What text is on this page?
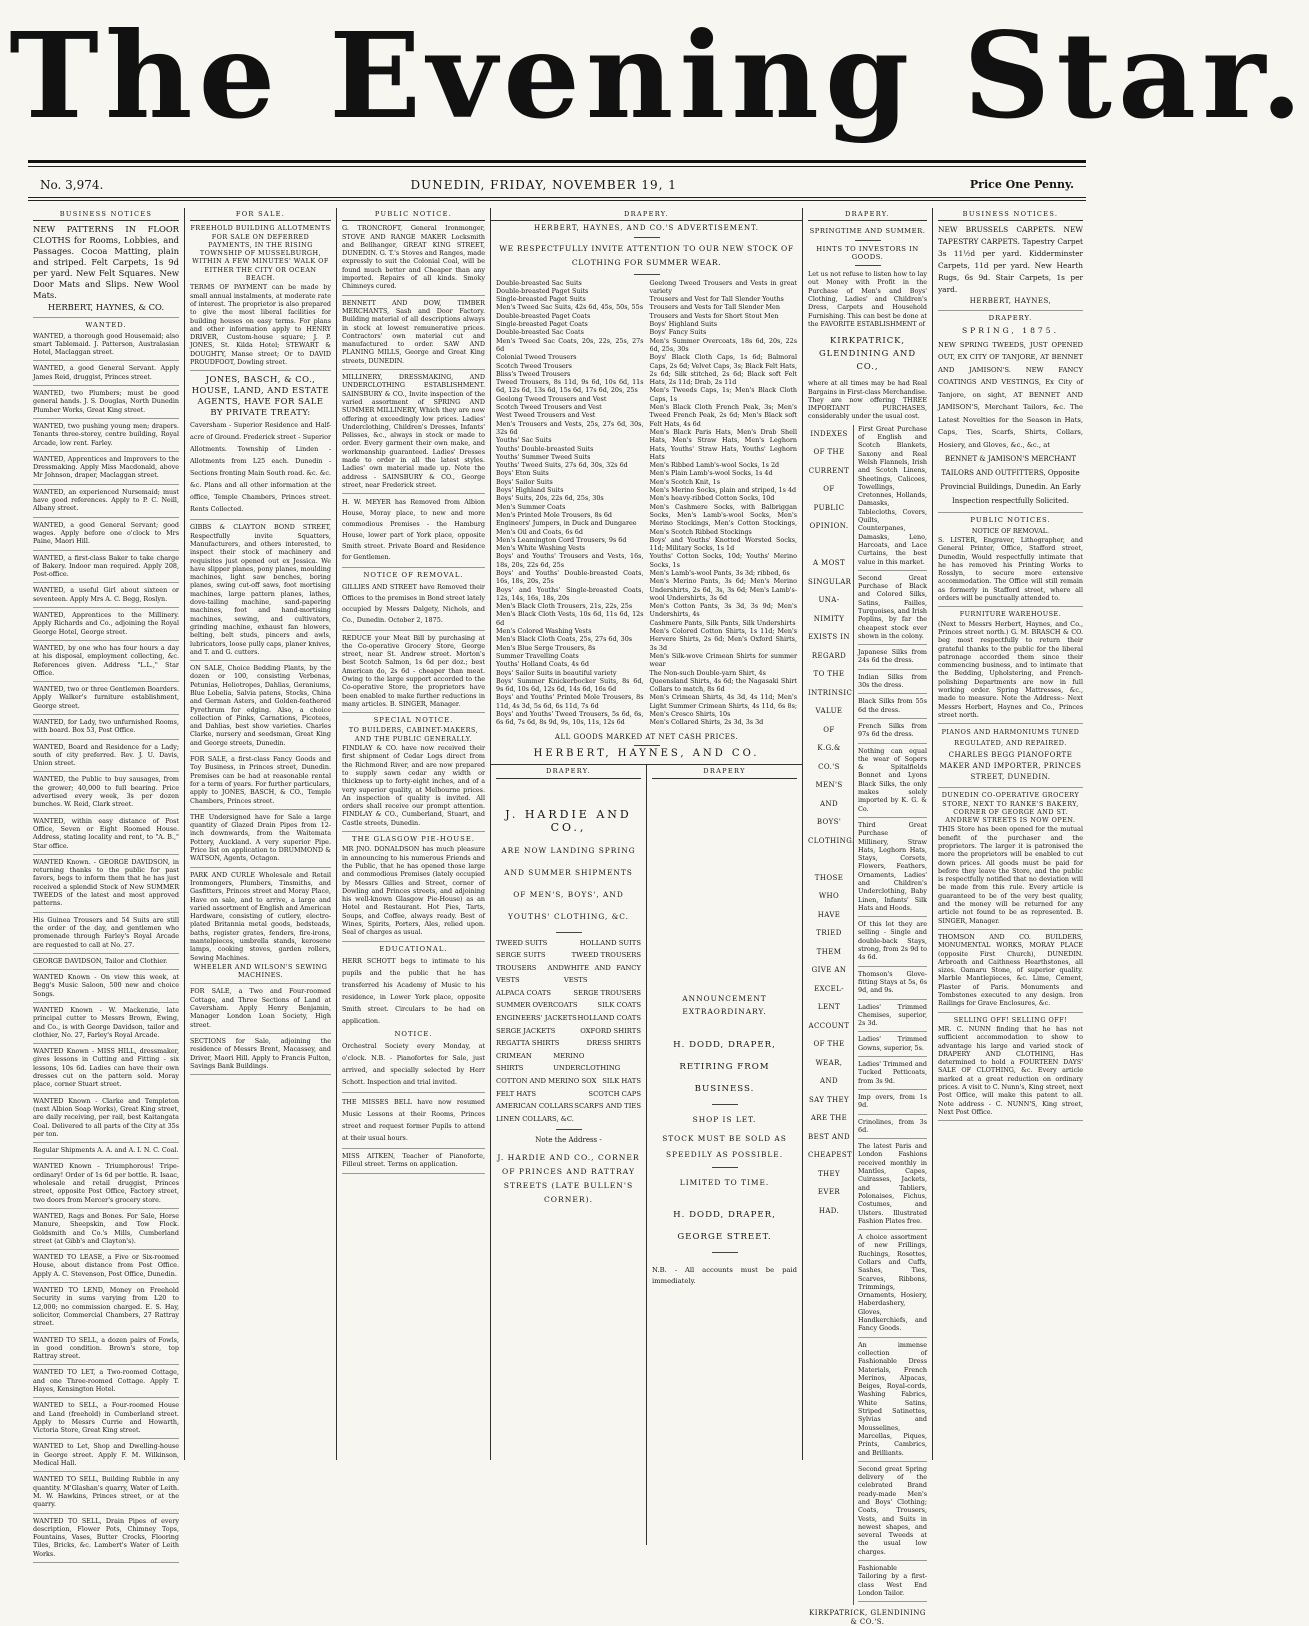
The Evening Star.
No. 3,974.	DUNEDIN, FRIDAY, NOVEMBER 19, 1	Price One Penny.
BUSINESS NOTICES

NEW PATTERNS IN FLOOR CLOTHS for Rooms, Lobbies, and Passages. Cocoa Matting, plain and striped. Felt Carpets, 1s 9d per yard. New Felt Squares. New Door Mats and Slips. New Wool Mats.

HERBERT, HAYNES, & CO.

WANTED.

WANTED, a thorough good Housemaid; also smart Tablemaid. J. Patterson, Australasian Hotel, Maclaggan street.

WANTED, a good General Servant. Apply James Reid, druggist, Princes street.

WANTED, two Plumbers; must be good general hands. J. S. Douglas, North Dunedin Plumber Works, Great King street.

WANTED, two pushing young men; drapers. Tenants three-storey, centre building, Royal Arcade, low rent. Farley.

WANTED, Apprentices and Improvers to the Dressmaking. Apply Miss Macdonald, above Mr Johnson, draper, Maclaggan street.

WANTED, an experienced Nursemaid; must have good references. Apply to P. C. Neill, Albany street.

WANTED, a good General Servant; good wages. Apply before one o'clock to Mrs Paine, Maori Hill.

WANTED, a first-class Baker to take charge of Bakery. Indoor man required. Apply 208, Post-office.

WANTED, a useful Girl about sixteen or seventeen. Apply Mrs A. C. Begg, Roslyn.

WANTED, Apprentices to the Millinery. Apply Richards and Co., adjoining the Royal George Hotel, George street.

WANTED, by one who has four hours a day at his disposal, employment collecting, &c. References given. Address "L.L.," Star Office.

WANTED, two or three Gentlemen Boarders. Apply Walker's furniture establishment, George street.

WANTED, for Lady, two unfurnished Rooms, with board. Box 53, Post Office.

WANTED, Board and Residence for a Lady; south of city preferred. Rev. J. U. Davis, Union street.

WANTED, the Public to buy sausages, from the grower; 40,000 to full bearing. Price advertised every week, 3s per dozen bunches. W. Reid, Clark street.

WANTED, within easy distance of Post Office, Seven or Eight Roomed House. Address, stating locality and rent, to "A. B.," Star office.

WANTED Known. - GEORGE DAVIDSON, in returning thanks to the public for past favors, begs to inform them that he has just received a splendid Stock of New SUMMER TWEEDS of the latest and most approved patterns.

His Guinea Trousers and 54 Suits are still the order of the day, and gentlemen who promenade through Farley's Royal Arcade are requested to call at No. 27.

GEORGE DAVIDSON, Tailor and Clothier.

WANTED Known - On view this week, at Begg's Music Saloon, 500 new and choice Songs.

WANTED Known - W. Mackenzie, late principal cutter to Messrs Brown, Ewing, and Co., is with George Davidson, tailor and clothier, No. 27, Farley's Royal Arcade.

WANTED Known - MISS HILL, dressmaker, gives lessons in Cutting and Fitting - six lessons, 10s 6d. Ladies can have their own dresses cut on the pattern sold. Moray place, corner Stuart street.

WANTED Known - Clarke and Templeton (next Albion Soap Works), Great King street, are daily receiving, per rail, best Kaitangata Coal. Delivered to all parts of the City at 35s per ton.

Regular Shipments A. A. and A. I. N. C. Coal.

WANTED Known - Triumphorous! Tripe-ordinary! Order of 1s 6d per bottle. R. Isaac, wholesale and retail druggist, Princes street, opposite Post Office, Factory street, two doors from Mercer's grocery store.

WANTED, Rags and Bones. For Sale, Horse Manure, Sheepskin, and Tow Flock. Goldsmith and Co.'s Mills, Cumberland street (at Gibb's and Clayton's).

WANTED TO LEASE, a Five or Six-roomed House, about distance from Post Office. Apply A. C. Stevenson, Post Office, Dunedin.

WANTED TO LEND, Money on Freehold Security in sums varying from L20 to L2,000; no commission charged. E. S. Hay, solicitor, Commercial Chambers, 27 Rattray street.

WANTED TO SELL, a dozen pairs of Fowls, in good condition. Brown's store, top Rattray street.

WANTED TO LET, a Two-roomed Cottage, and one Three-roomed Cottage. Apply T. Hayes, Kensington Hotel.

WANTED to SELL, a Four-roomed House and Land (freehold) in Cumberland street. Apply to Messrs Currie and Howarth, Victoria Store, Great King street.

WANTED to Let, Shop and Dwelling-house in George street. Apply F. M. Wilkinson, Medical Hall.

WANTED TO SELL, Building Rubble in any quantity. M'Glashan's quarry, Water of Leith. M. W. Hawkins, Princes street, or at the quarry.

WANTED TO SELL, Drain Pipes of every description, Flower Pots, Chimney Tops, Fountains, Vases, Butter Crocks, Flooring Tiles, Bricks, &c. Lambert's Water of Leith Works.

FOR SALE.

FREEHOLD BUILDING ALLOTMENTS FOR SALE ON DEFERRED PAYMENTS, IN THE RISING TOWNSHIP OF MUSSELBURGH, WITHIN A FEW MINUTES' WALK OF EITHER THE CITY OR OCEAN BEACH.

TERMS OF PAYMENT can be made by small annual instalments, at moderate rate of interest. The proprietor is also prepared to give the most liberal facilities for building houses on easy terms. For plans and other information apply to HENRY DRIVER, Custom-house square; J. P. JONES, St. Kilda Hotel; STEWART & DOUGHTY, Manse street; Or to DAVID PROUDFOOT, Dowling street.

JONES, BASCH, & CO., HOUSE, LAND, AND ESTATE AGENTS, HAVE FOR SALE BY PRIVATE TREATY:

Caversham - Superior Residence and Half-acre of Ground. Frederick street - Superior Allotments. Township of Linden - Allotments from L25 each. Dunedin - Sections fronting Main South road. &c. &c. &c. Plans and all other information at the office, Temple Chambers, Princes street. Rents Collected.

GIBBS & CLAYTON BOND STREET, Respectfully invite Squatters, Manufacturers, and others interested, to inspect their stock of machinery and requisites just opened out ex Jessica. We have slipper planes, pony planes, moulding machines, light saw benches, boring planes, swing cut-off saws, foot mortising machines, large pattern planes, lathes, dove-tailing machine, sand-papering machines, foot and hand-mortising machines, sewing, and cultivators, grinding machine, exhaust fan blowers, belting, belt studs, pincers and awls, lubricators, loose pully caps, planer knives, and T. and G. cutters.

ON SALE, Choice Bedding Plants, by the dozen or 100, consisting Verbenas, Petunias, Heliotropes, Dahlias, Geraniums, Blue Lobelia, Salvia patens, Stocks, China and German Asters, and Golden-feathered Pyrethrum for edging. Also, a choice collection of Pinks, Carnations, Picotees, and Dahlias, best show varieties. Charles Clarke, nursery and seedsman, Great King and George streets, Dunedin.

FOR SALE, a first-class Fancy Goods and Toy Business, in Princes street, Dunedin. Premises can be had at reasonable rental for a term of years. For further particulars, apply to JONES, BASCH, & CO., Temple Chambers, Princes street.

THE Undersigned have for Sale a large quantity of Glazed Drain Pipes from 12-inch downwards, from the Waitemata Pottery, Auckland. A very superior Pipe. Price list on application to DRUMMOND & WATSON, Agents, Octagon.

PARK AND CURLE Wholesale and Retail Ironmongers, Plumbers, Tinsmiths, and Gasfitters, Princes street and Moray Place, Have on sale, and to arrive, a large and varied assortment of English and American Hardware, consisting of cutlery, electro-plated Britannia metal goods, bedsteads, baths, register grates, fenders, fire-irons, mantelpieces, umbrella stands, kerosene lamps, cooking stoves, garden rollers, Sewing Machines.

WHEELER AND WILSON'S SEWING MACHINES.

FOR SALE, a Two and Four-roomed Cottage, and Three Sections of Land at Caversham. Apply Henry Benjamin, Manager London Loan Society, High street.

SECTIONS for Sale, adjoining the residence of Messrs Brent, Macassey, and Driver, Maori Hill. Apply to Francis Fulton, Savings Bank Buildings.

PUBLIC NOTICE.

G. TRONCROFT, General Ironmonger, STOVE AND RANGE MAKER Locksmith and Bellhanger, GREAT KING STREET, DUNEDIN. G. T.'s Stoves and Ranges, made expressly to suit the Colonial Coal, will be found much better and Cheaper than any imported. Repairs of all kinds. Smoky Chimneys cured.

BENNETT AND DOW, TIMBER MERCHANTS, Sash and Door Factory. Building material of all descriptions always in stock at lowest remunerative prices. Contractors' own material cut and manufactured to order. SAW AND PLANING MILLS, George and Great King streets, DUNEDIN.

MILLINERY, DRESSMAKING, AND UNDERCLOTHING ESTABLISHMENT. SAINSBURY & CO., Invite inspection of the varied assortment of SPRING AND SUMMER MILLINERY, Which they are now offering at exceedingly low prices. Ladies' Underclothing, Children's Dresses, Infants' Pelisses, &c., always in stock or made to order. Every garment their own make, and workmanship guaranteed. Ladies' Dresses made to order in all the latest styles. Ladies' own material made up. Note the address - SAINSBURY & CO., George street, near Frederick street.

H. W. MEYER has Removed from Albion House, Moray place, to new and more commodious Premises - the Hamburg House, lower part of York place, opposite Smith street. Private Board and Residence for Gentlemen.

NOTICE OF REMOVAL.

GILLIES AND STREET have Removed their Offices to the premises in Bond street lately occupied by Messrs Dalgety, Nichols, and Co., Dunedin. October 2, 1875.

REDUCE your Meat Bill by purchasing at the Co-operative Grocery Store, George street, near St. Andrew street. Morton's best Scotch Salmon, 1s 6d per doz.; best American do, 2s 6d - cheaper than meat. Owing to the large support accorded to the Co-operative Store, the proprietors have been enabled to make further reductions in many articles. B. SINGER, Manager.

SPECIAL NOTICE.

TO BUILDERS, CABINET-MAKERS, AND THE PUBLIC GENERALLY.

FINDLAY & CO. have now received their first shipment of Cedar Logs direct from the Richmond River, and are now prepared to supply sawn cedar any width or thickness up to forty-eight inches, and of a very superior quality, at Melbourne prices. An inspection of quality is invited. All orders shall receive our prompt attention. FINDLAY & CO., Cumberland, Stuart, and Castle streets, Dunedin.

THE GLASGOW PIE-HOUSE.

MR JNO. DONALDSON has much pleasure in announcing to his numerous Friends and the Public, that he has opened those large and commodious Premises (lately occupied by Messrs Gillies and Street, corner of Dowling and Princes streets, and adjoining his well-known Glasgow Pie-House) as an Hotel and Restaurant. Hot Pies, Tarts, Soups, and Coffee, always ready. Best of Wines, Spirits, Porters, Ales, relied upon. Seal of charges as usual.

EDUCATIONAL.

HERR SCHOTT begs to intimate to his pupils and the public that he has transferred his Academy of Music to his residence, in Lower York place, opposite Smith street. Circulars to be had on application.

NOTICE.

Orchestral Society every Monday, at o'clock. N.B. - Pianofortes for Sale, just arrived, and specially selected by Herr Schott. Inspection and trial invited.

THE MISSES BELL have now resumed Music Lessons at their Rooms, Princes street and request former Pupils to attend at their usual hours.

MISS AITKEN, Teacher of Pianoforte, Filleul street. Terms on application.

DRAPERY.
HERBERT, HAYNES, AND CO.'S ADVERTISEMENT.
WE RESPECTFULLY INVITE ATTENTION TO OUR NEW STOCK OF CLOTHING FOR SUMMER WEAR.
Double-breasted Sac Suits
Double-breasted Paget Suits
Single-breasted Paget Suits
Men's Tweed Sac Suits, 42s 6d, 45s, 50s, 55s
Double-breasted Paget Coats
Single-breasted Paget Coats
Double-breasted Sac Coats
Men's Tweed Sac Coats, 20s, 22s, 25s, 27s 6d
Colonial Tweed Trousers
Scotch Tweed Trousers
Bliss's Tweed Trousers
Tweed Trousers, 8s 11d, 9s 6d, 10s 6d, 11s 6d, 12s 6d, 13s 6d, 15s 6d, 17s 6d, 20s, 25s
Geelong Tweed Trousers and Vest
Scotch Tweed Trousers and Vest
West Tweed Trousers and Vest
Men's Trousers and Vests, 25s, 27s 6d, 30s, 32s 6d
Youths' Sac Suits
Youths' Double-breasted Suits
Youths' Summer Tweed Suits
Youths' Tweed Suits, 27s 6d, 30s, 32s 6d
Boys' Eton Suits
Boys' Sailor Suits
Boys' Highland Suits
Boys' Suits, 20s, 22s 6d, 25s, 30s
Men's Summer Coats
Men's Printed Mole Trousers, 8s 6d
Engineers' Jumpers, in Duck and Dungaree
Men's Oil and Coats, 6s 6d
Men's Leamington Cord Trousers, 9s 6d
Men's White Washing Vests
Boys' and Youths' Trousers and Vests, 16s, 18s, 20s, 22s 6d, 25s
Boys' and Youths' Double-breasted Coats, 16s, 18s, 20s, 25s
Boys' and Youths' Single-breasted Coats, 12s, 14s, 16s, 18s, 20s
Men's Black Cloth Trousers, 21s, 22s, 25s
Men's Black Cloth Vests, 10s 6d, 11s 6d, 12s 6d
Men's Colored Washing Vests
Men's Black Cloth Coats, 25s, 27s 6d, 30s
Men's Blue Serge Trousers, 8s
Summer Travelling Coats
Youths' Holland Coats, 4s 6d
Boys' Sailor Suits in beautiful variety
Boys' Summer Knickerbocker Suits, 8s 6d, 9s 6d, 10s 6d, 12s 6d, 14s 6d, 16s 6d
Boys' and Youths' Printed Mole Trousers, 8s 11d, 4s 3d, 5s 6d, 6s 11d, 7s 6d
Boys' and Youths' Tweed Trousers, 5s 6d, 6s, 6s 6d, 7s 6d, 8s 9d, 9s, 10s, 11s, 12s 6d
Geelong Tweed Trousers and Vests in great variety
Trousers and Vest for Tall Slender Youths
Trousers and Vests for Tall Slender Men
Trousers and Vests for Short Stout Men
Boys' Highland Suits
Boys' Fancy Suits
Men's Summer Overcoats, 18s 6d, 20s, 22s 6d, 25s, 30s
Boys' Black Cloth Caps, 1s 6d; Balmoral Caps, 2s 6d; Velvet Caps, 3s; Black Felt Hats, 2s 6d; Silk stitched, 2s 6d; Black soft Felt Hats, 2s 11d; Drab, 2s 11d
Men's Tweeds Caps, 1s; Men's Black Cloth Caps, 1s
Men's Black Cloth French Peak, 3s; Men's Tweed French Peak, 2s 6d; Men's Black soft Felt Hats, 4s 6d
Men's Black Paris Hats, Men's Drab Shell Hats, Men's Straw Hats, Men's Leghorn Hats, Youths' Straw Hats, Youths' Leghorn Hats
Men's Ribbed Lamb's-wool Socks, 1s 2d
Men's Plain Lamb's-wool Socks, 1s 4d
Men's Scotch Knit, 1s
Men's Merino Socks, plain and striped, 1s 4d
Men's heavy-ribbed Cotton Socks, 10d
Men's Cashmere Socks, with Balbriggan Socks, Men's Lamb's-wool Socks, Men's Merino Stockings, Men's Cotton Stockings, Men's Scotch Ribbed Stockings
Boys' and Youths' Knotted Worsted Socks, 11d; Military Socks, 1s 1d
Youths' Cotton Socks, 10d; Youths' Merino Socks, 1s
Men's Lamb's-wool Pants, 3s 3d; ribbed, 6s
Men's Merino Pants, 3s 6d; Men's Merino Undershirts, 2s 6d, 3s, 3s 6d; Men's Lamb's-wool Undershirts, 3s 6d
Men's Cotton Pants, 3s 3d, 3s 9d; Men's Undershirts, 4s
Cashmere Pants, Silk Pants, Silk Undershirts
Men's Colored Cotton Shirts, 1s 11d; Men's Hervere Shirts, 2s 6d; Men's Oxford Shirts, 3s 3d
Men's Silk-wove Crimean Shirts for summer wear
The Non-such Double-yarn Shirt, 4s
Queensland Shirts, 4s 6d; the Nagasaki Shirt Collars to match, 8s 6d
Men's Crimean Shirts, 4s 3d, 4s 11d; Men's Light Summer Crimean Shirts, 4s 11d, 6s 8s; Men's Cresco Shirts, 10s
Men's Collared Shirts, 2s 3d, 3s 3d
ALL GOODS MARKED AT NET CASH PRICES.
HERBERT, HAYNES, AND CO.
DRAPERY.
J. HARDIE AND CO.,
ARE NOW LANDING SPRING AND SUMMER SHIPMENTS OF MEN'S, BOYS', AND YOUTHS' CLOTHING, &C.
TWEED SUITS	HOLLAND SUITS
SERGE SUITS	TWEED TROUSERS
TROUSERS AND VESTS
WHITE AND FANCY VESTS
ALPACA COATS	SERGE TROUSERS
SUMMER OVERCOATS	SILK COATS
ENGINEERS' JACKETS HOLLAND COATS
SERGE JACKETS	OXFORD SHIRTS
REGATTA SHIRTS	DRESS SHIRTS
CRIMEAN SHIRTS
MERINO UNDERCLOTHING
COTTON AND MERINO SOX SILK HATS
FELT HATS	SCOTCH CAPS
AMERICAN COLLARS SCARFS AND TIES
LINEN COLLARS, &C.
Note the Address -
J. HARDIE AND CO., CORNER OF PRINCES AND RATTRAY STREETS (LATE BULLEN'S CORNER).
DRAPERY
ANNOUNCEMENT EXTRAORDINARY.
H. DODD, DRAPER, RETIRING FROM BUSINESS.
SHOP IS LET.
STOCK MUST BE SOLD AS SPEEDILY AS POSSIBLE.
LIMITED TO TIME.
H. DODD, DRAPER, GEORGE STREET.
N.B. - All accounts must be paid immediately.
DRAPERY.
SPRINGTIME AND SUMMER.
HINTS TO INVESTORS IN GOODS.

Let us not refuse to listen how to lay out Money with Profit in the Purchase of Men's and Boys' Clothing, Ladies' and Children's Dress, Carpets and Household Furnishing. This can best be done at the FAVORITE ESTABLISHMENT of

KIRKPATRICK, GLENDINING AND CO.,

where at all times may be had Real Bargains in First-class Merchandise. They are now offering THREE IMPORTANT PURCHASES, considerably under the usual cost.

INDEXES
OF THE
CURRENT
OF
PUBLIC
OPINION.

A MOST
SINGULAR
UNA-
NIMITY
EXISTS IN
REGARD
TO THE
INTRINSIC
VALUE
OF
K.G.& CO.'S
MEN'S
AND
BOYS'
CLOTHING.

THOSE
WHO
HAVE
TRIED
THEM
GIVE AN
EXCEL-
LENT
ACCOUNT
OF THE
WEAR,
AND
SAY THEY
ARE THE
BEST AND
CHEAPEST
THEY
EVER
HAD.

First Great Purchase of English and Scotch Blankets, Saxony and Real Welsh Flannels, Irish and Scotch Linens, Sheetings, Calicoes, Towellings, Cretonnes, Hollands, Damasks, Tablecloths, Covers, Quilts, Counterpanes, Damasks, Leno, Harcoats, and Lace Curtains, the best value in this market.

Second Great Purchase of Black and Colored Silks, Satins, Failles, Turquoises, and Irish Poplins, by far the cheapest stock ever shown in the colony.

Japanese Silks from 24s 6d the dress.

Indian Silks from 30s the dress.

Black Silks from 55s 6d the dress.

French Silks from 97s 6d the dress.

Nothing can equal the wear of Sopers & Spitalfields Bonnet and Lyons Black Silks, the only makes solely imported by K. G. & Co.

Third Great Purchase of Millinery, Straw Hats, Leghorn Hats, Stays, Corsets, Flowers, Feathers, Ornaments, Ladies' and Children's Underclothing, Baby Linen, Infants' Silk Hats and Hoods.

Of this lot they are selling - Single and double-back Stays, strong, from 2s 9d to 4s 6d.

Thomson's Glove-fitting Stays at 5s, 6s 9d, and 9s.

Ladies' Trimmed Chemises, superior, 2s 3d.

Ladies' Trimmed Gowns, superior, 5s.

Ladies' Trimmed and Tucked Petticoats, from 3s 9d.

Imp overs, from 1s 9d.

Crinolines, from 3s 6d.

The latest Paris and London Fashions received monthly in Mantles, Capes, Cuirasses, Jackets, and Tabliers, Polonaises, Fichus, Costumes, and Ulsters. Illustrated Fashion Plates free.

A choice assortment of new Frillings, Ruchings, Rosettes, Collars and Cuffs, Sashes, Ties, Scarves, Ribbons, Trimmings, Ornaments, Hosiery, Haberdashery, Gloves, Handkerchiefs, and Fancy Goods.

An immense collection of Fashionable Dress Materials, French Merinos, Alpacas, Beiges, Royal-cords, Washing Fabrics, White Satins, Striped Satinettes, Sylvias and Mousselines, Marcellas, Piques, Prints, Cambrics, and Brilliants.

Second great Spring delivery of the celebrated Brand ready-made Men's and Boys' Clothing; Coats, Trousers, Vests, and Suits in newest shapes, and several Tweeds at the usual low charges.

Fashionable Tailoring by a first-class West End London Tailor.

KIRKPATRICK, GLENDINING & CO.'S.
BUSINESS NOTICES.

NEW BRUSSELS CARPETS. NEW TAPESTRY CARPETS. Tapestry Carpet 3s 11½d per yard. Kidderminster Carpets, 11d per yard. New Hearth Rugs, 6s 9d. Stair Carpets, 1s per yard.

HERBERT, HAYNES,

DRAPERY.

SPRING, 1875.

NEW SPRING TWEEDS, JUST OPENED OUT, EX CITY OF TANJORE, AT BENNET AND JAMISON'S. NEW FANCY COATINGS AND VESTINGS, Ex City of Tanjore, on sight, AT BENNET AND JAMISON'S, Merchant Tailors, &c. The Latest Novelties for the Season in Hats, Caps, Ties, Scarfs, Shirts, Collars, Hosiery, and Gloves, &c., &c., at

BENNET & JAMISON'S MERCHANT TAILORS AND OUTFITTERS, Opposite Provincial Buildings, Dunedin. An Early Inspection respectfully Solicited.

PUBLIC NOTICES.

NOTICE OF REMOVAL.

S. LISTER, Engraver, Lithographer, and General Printer, Office, Stafford street, Dunedin, Would respectfully intimate that he has removed his Printing Works to Rosslyn, to secure more extensive accommodation. The Office will still remain as formerly in Stafford street, where all orders will be punctually attended to.

FURNITURE WAREHOUSE.

(Next to Messrs Herbert, Haynes, and Co., Princes street north.) G. M. BRASCH & CO. beg most respectfully to return their grateful thanks to the public for the liberal patronage accorded them since their commencing business, and to intimate that the Bedding, Upholstering, and French-polishing Departments are now in full working order. Spring Mattresses, &c., made to measure. Note the Address:- Next Messrs Herbert, Haynes and Co., Princes street north.

PIANOS AND HARMONIUMS TUNED REGULATED, AND REPAIRED.

CHARLES BEGG PIANOFORTE MAKER AND IMPORTER, PRINCES STREET, DUNEDIN.

DUNEDIN CO-OPERATIVE GROCERY STORE, NEXT TO RANKE'S BAKERY, CORNER OF GEORGE AND ST. ANDREW STREETS IS NOW OPEN.

THIS Store has been opened for the mutual benefit of the purchaser and the proprietors. The larger it is patronised the more the proprietors will be enabled to cut down prices. All goods must be paid for before they leave the Store, and the public is respectfully notified that no deviation will be made from this rule. Every article is guaranteed to be of the very best quality, and the money will be returned for any article not found to be as represented. B. SINGER, Manager.

THOMSON AND CO. BUILDERS, MONUMENTAL WORKS, MORAY PLACE (opposite First Church), DUNEDIN. Arbroath and Caithness Hearthstones, all sizes. Oamaru Stone, of superior quality. Marble Mantlepieces, &c. Lime, Cement, Plaster of Paris. Monuments and Tombstones executed to any design. Iron Railings for Grave Enclosures, &c.

SELLING OFF! SELLING OFF!

MR. C. NUNN finding that he has not sufficient accommodation to show to advantage his large and varied stock of DRAPERY AND CLOTHING, Has determined to hold a FOURTEEN DAYS' SALE OF CLOTHING, &c. Every article marked at a great reduction on ordinary prices. A visit to C. Nunn's, King street, next Post Office, will make this patent to all. Note address - C. NUNN'S, King street, Next Post Office.
